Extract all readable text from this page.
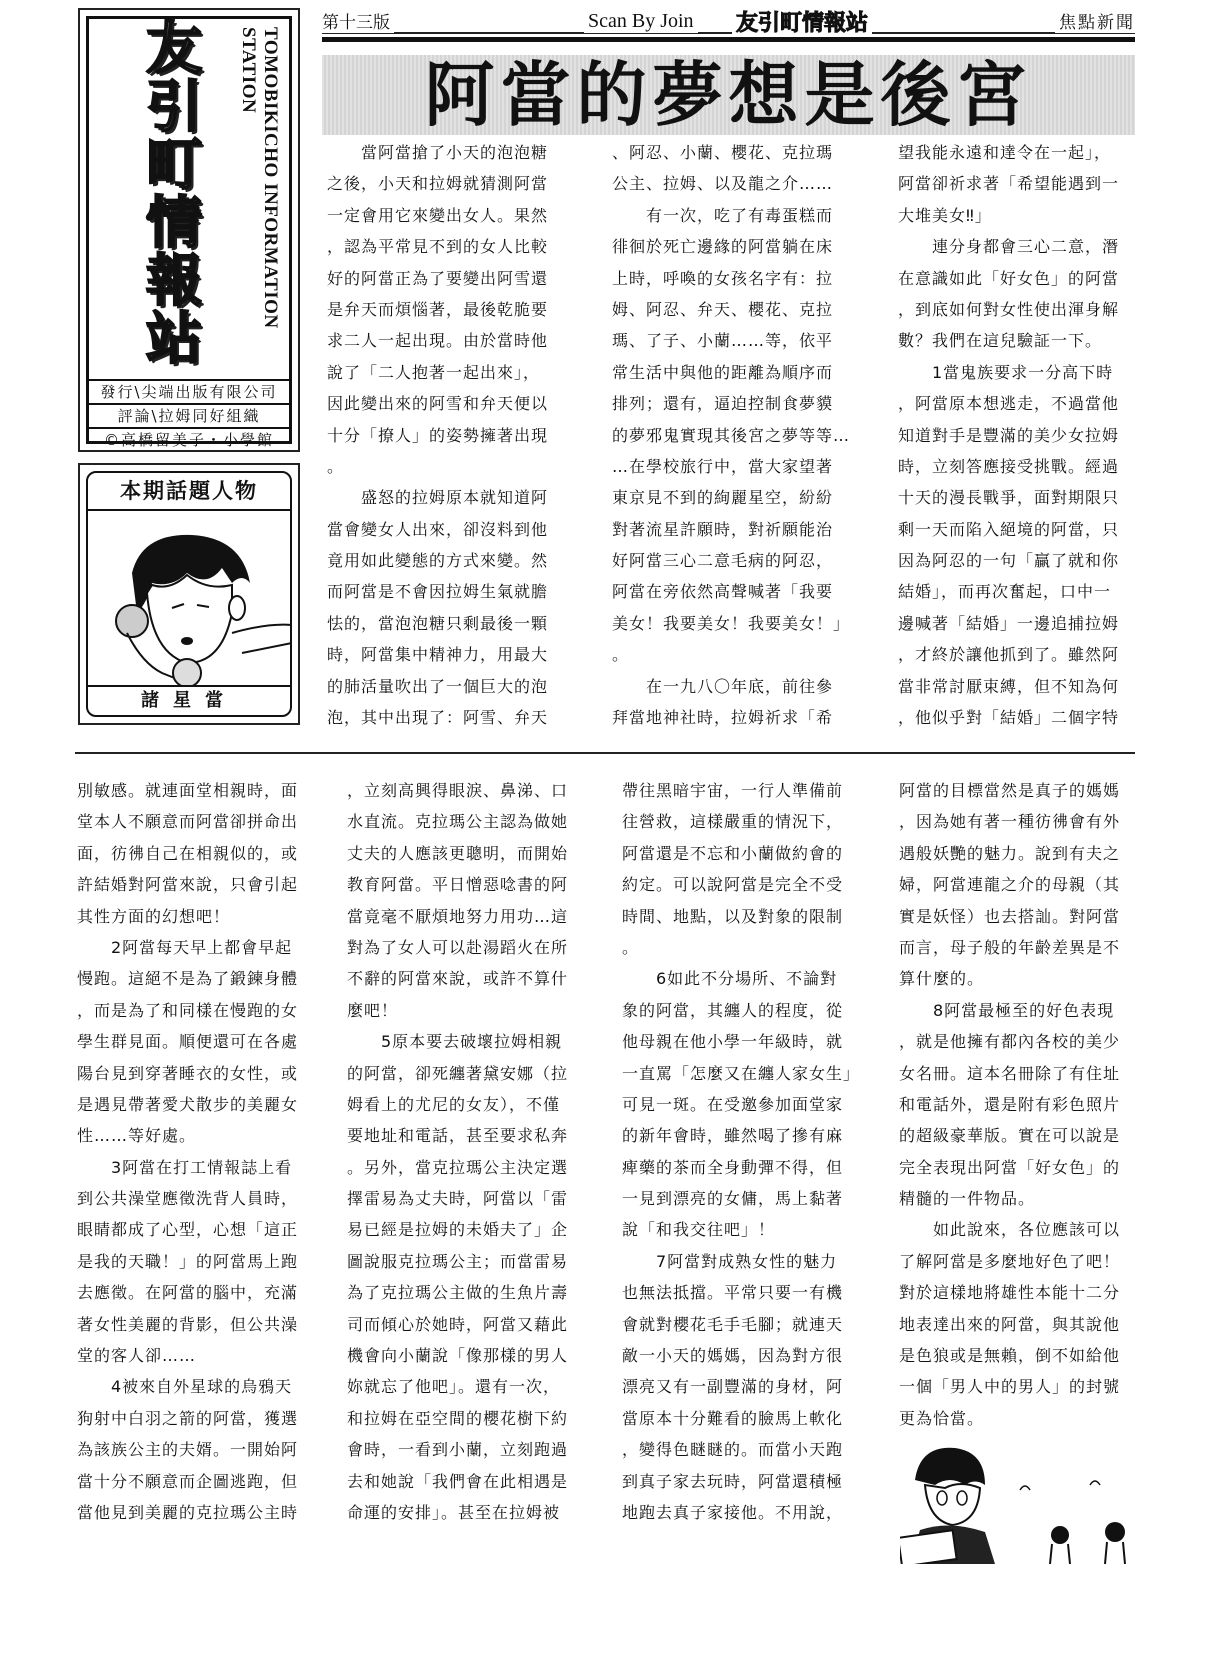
友
引
町
情
報
站
TOMOBIKICHO INFORMATION STATION
發行\尖端出版有限公司
評論\拉姆同好組織
©高橋留美子・小學館
本期話題人物
諸星當
第十三版	Scan By Join 友引町情報站	焦點新聞
阿當的夢想是後宮
　　當阿當搶了小天的泡泡糖
之後，小天和拉姆就猜測阿當
一定會用它來變出女人。果然
，認為平常見不到的女人比較
好的阿當正為了要變出阿雪還
是弁天而煩惱著，最後乾脆要
求二人一起出現。由於當時他
說了「二人抱著一起出來」，
因此變出來的阿雪和弁天便以
十分「撩人」的姿勢擁著出現
。
　　盛怒的拉姆原本就知道阿
當會變女人出來，卻沒料到他
竟用如此變態的方式來變。然
而阿當是不會因拉姆生氣就膽
怯的，當泡泡糖只剩最後一顆
時，阿當集中精神力，用最大
的肺活量吹出了一個巨大的泡
泡，其中出現了：阿雪、弁天
、阿忍、小蘭、櫻花、克拉瑪
公主、拉姆、以及龍之介……
　　有一次，吃了有毒蛋糕而
徘徊於死亡邊緣的阿當躺在床
上時，呼喚的女孩名字有：拉
姆、阿忍、弁天、櫻花、克拉
瑪、了子、小蘭……等，依平
常生活中與他的距離為順序而
排列；還有，逼迫控制食夢貘
的夢邪鬼實現其後宮之夢等等…
…在學校旅行中，當大家望著
東京見不到的絢麗星空，紛紛
對著流星許願時，對祈願能治
好阿當三心二意毛病的阿忍，
阿當在旁依然高聲喊著「我要
美女！我要美女！我要美女！」
。
　　在一九八〇年底，前往參
拜當地神社時，拉姆祈求「希
望我能永遠和達令在一起」，
阿當卻祈求著「希望能遇到一
大堆美女‼」
　　連分身都會三心二意，潛
在意識如此「好女色」的阿當
，到底如何對女性使出渾身解
數？我們在這兒驗証一下。
　　1當鬼族要求一分高下時
，阿當原本想逃走，不過當他
知道對手是豐滿的美少女拉姆
時，立刻答應接受挑戰。經過
十天的漫長戰爭，面對期限只
剩一天而陷入絕境的阿當，只
因為阿忍的一句「贏了就和你
結婚」，而再次奮起，口中一
邊喊著「結婚」一邊追捕拉姆
，才終於讓他抓到了。雖然阿
當非常討厭束縛，但不知為何
，他似乎對「結婚」二個字特
別敏感。就連面堂相親時，面
堂本人不願意而阿當卻拼命出
面，彷彿自己在相親似的，或
許結婚對阿當來說，只會引起
其性方面的幻想吧！
　　2阿當每天早上都會早起
慢跑。這絕不是為了鍛鍊身體
，而是為了和同樣在慢跑的女
學生群見面。順便還可在各處
陽台見到穿著睡衣的女性，或
是遇見帶著愛犬散步的美麗女
性……等好處。
　　3阿當在打工情報誌上看
到公共澡堂應徵洗背人員時，
眼睛都成了心型，心想「這正
是我的天職！」的阿當馬上跑
去應徵。在阿當的腦中，充滿
著女性美麗的背影，但公共澡
堂的客人卻……
　　4被來自外星球的烏鴉天
狗射中白羽之箭的阿當，獲選
為該族公主的夫婿。一開始阿
當十分不願意而企圖逃跑，但
當他見到美麗的克拉瑪公主時
，立刻高興得眼淚、鼻涕、口
水直流。克拉瑪公主認為做她
丈夫的人應該更聰明，而開始
教育阿當。平日憎惡唸書的阿
當竟毫不厭煩地努力用功…這
對為了女人可以赴湯蹈火在所
不辭的阿當來說，或許不算什
麼吧！
　　5原本要去破壞拉姆相親
的阿當，卻死纏著黛安娜（拉
姆看上的尤尼的女友），不僅
要地址和電話，甚至要求私奔
。另外，當克拉瑪公主決定選
擇雷易為丈夫時，阿當以「雷
易已經是拉姆的未婚夫了」企
圖說服克拉瑪公主；而當雷易
為了克拉瑪公主做的生魚片壽
司而傾心於她時，阿當又藉此
機會向小蘭說「像那樣的男人
妳就忘了他吧」。還有一次，
和拉姆在亞空間的櫻花樹下約
會時，一看到小蘭，立刻跑過
去和她說「我們會在此相遇是
命運的安排」。甚至在拉姆被
帶往黑暗宇宙，一行人準備前
往營救，這樣嚴重的情況下，
阿當還是不忘和小蘭做約會的
約定。可以說阿當是完全不受
時間、地點，以及對象的限制
。
　　6如此不分場所、不論對
象的阿當，其纏人的程度，從
他母親在他小學一年級時，就
一直罵「怎麼又在纏人家女生」
可見一斑。在受邀參加面堂家
的新年會時，雖然喝了摻有麻
痺藥的茶而全身動彈不得，但
一見到漂亮的女傭，馬上黏著
說「和我交往吧」！
　　7阿當對成熟女性的魅力
也無法抵擋。平常只要一有機
會就對櫻花毛手毛腳；就連天
敵一小天的媽媽，因為對方很
漂亮又有一副豐滿的身材，阿
當原本十分難看的臉馬上軟化
，變得色瞇瞇的。而當小天跑
到真子家去玩時，阿當還積極
地跑去真子家接他。不用說，
阿當的目標當然是真子的媽媽
，因為她有著一種彷彿會有外
遇般妖艷的魅力。說到有夫之
婦，阿當連龍之介的母親（其
實是妖怪）也去搭訕。對阿當
而言，母子般的年齡差異是不
算什麼的。
　　8阿當最極至的好色表現
，就是他擁有都內各校的美少
女名冊。這本名冊除了有住址
和電話外，還是附有彩色照片
的超級豪華版。實在可以說是
完全表現出阿當「好女色」的
精髓的一件物品。
　　如此說來，各位應該可以
了解阿當是多麼地好色了吧！
對於這樣地將雄性本能十二分
地表達出來的阿當，與其說他
是色狼或是無賴，倒不如給他
一個「男人中的男人」的封號
更為恰當。
